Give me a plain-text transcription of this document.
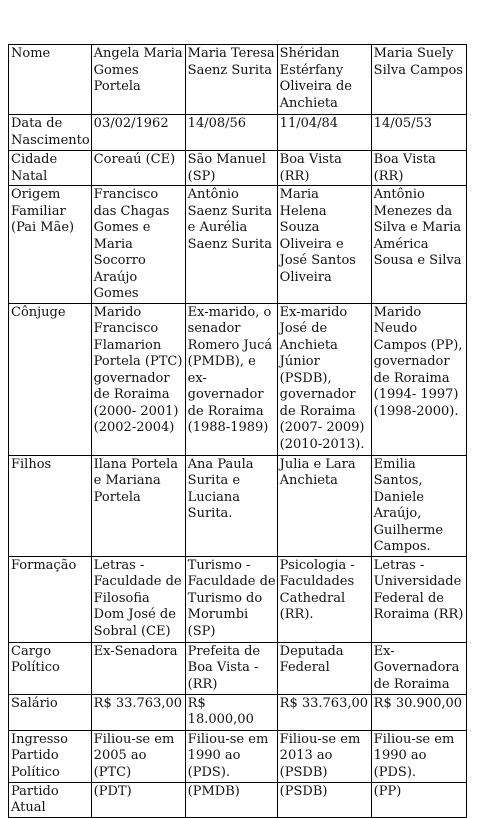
Nome	Angela Maria Gomes Portela	Maria Teresa Saenz Surita	Shéridan Estérfany Oliveira de Anchieta	Maria Suely Silva Campos
Data de Nascimento	03/02/1962	14/08/56	11/04/84	14/05/53
Cidade Natal	Coreaú (CE)	São Manuel (SP)	Boa Vista (RR)	Boa Vista (RR)
Origem Familiar (Pai Mãe)	Francisco das Chagas Gomes e Maria Socorro Araújo Gomes	Antônio Saenz Surita e Aurélia Saenz Surita	Maria Helena Souza Oliveira e José Santos Oliveira	Antônio Menezes da Silva e Maria América Sousa e Silva
Cônjuge	Marido Francisco Flamarion Portela (PTC) governador de Roraima (2000- 2001) (2002-2004)	Ex-marido, o senador Romero Jucá (PMDB), e ex-governador de Roraima (1988-1989)	Ex-marido José de Anchieta Júnior (PSDB), governador de Roraima (2007- 2009) (2010-2013).	Marido Neudo Campos (PP), governador de Roraima (1994- 1997) (1998-2000).
Filhos	Ilana Portela e Mariana Portela	Ana Paula Surita e Luciana Surita.	Julia e Lara Anchieta	Emilia Santos, Daniele Araújo, Guilherme Campos.
Formação	Letras - Faculdade de Filosofia Dom José de Sobral (CE)	Turismo - Faculdade de Turismo do Morumbi (SP)	Psicologia - Faculdades Cathedral (RR).	Letras - Universidade Federal de Roraima (RR)
Cargo Político	Ex-Senadora	Prefeita de Boa Vista - (RR)	Deputada Federal	Ex-Governadora de Roraima
Salário	R$ 33.763,00	R$ 18.000,00	R$ 33.763,00	R$ 30.900,00
Ingresso Partido Político	Filiou-se em 2005 ao (PTC)	Filiou-se em 1990 ao (PDS).	Filiou-se em 2013 ao (PSDB)	Filiou-se em 1990 ao (PDS).
Partido Atual	(PDT)	(PMDB)	(PSDB)	(PP)
